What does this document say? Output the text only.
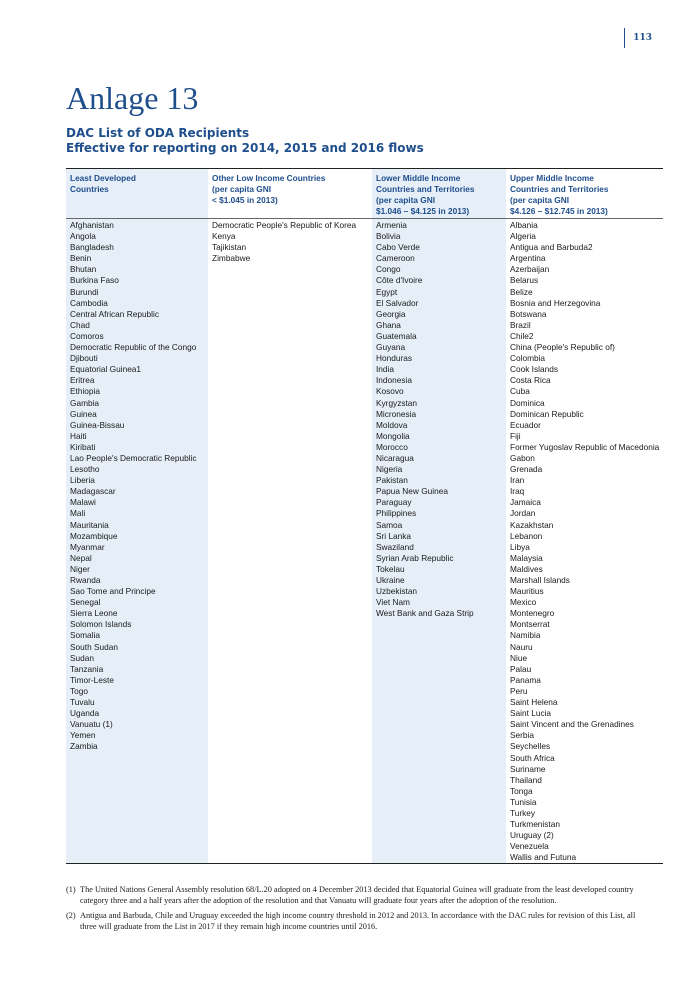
113
Anlage 13
DAC List of ODA Recipients
Effective for reporting on 2014, 2015 and 2016 flows
Least Developed
Countries
Afghanistan
Angola
Bangladesh
Benin
Bhutan
Burkina Faso
Burundi
Cambodia
Central African Republic
Chad
Comoros
Democratic Republic of the Congo
Djibouti
Equatorial Guinea1
Eritrea
Ethiopia
Gambia
Guinea
Guinea-Bissau
Haiti
Kiribati
Lao People's Democratic Republic
Lesotho
Liberia
Madagascar
Malawi
Mali
Mauritania
Mozambique
Myanmar
Nepal
Niger
Rwanda
Sao Tome and Principe
Senegal
Sierra Leone
Solomon Islands
Somalia
South Sudan
Sudan
Tanzania
Timor-Leste
Togo
Tuvalu
Uganda
Vanuatu (1)
Yemen
Zambia
Other Low Income Countries
(per capita GNI
< $1.045 in 2013)
Democratic People's Republic of Korea
Kenya
Tajikistan
Zimbabwe
Lower Middle Income
Countries and Territories
(per capita GNI
$1.046 – $4.125 in 2013)
Armenia
Bolivia
Cabo Verde
Cameroon
Congo
Côte d'Ivoire
Egypt
El Salvador
Georgia
Ghana
Guatemala
Guyana
Honduras
India
Indonesia
Kosovo
Kyrgyzstan
Micronesia
Moldova
Mongolia
Morocco
Nicaragua
Nigeria
Pakistan
Papua New Guinea
Paraguay
Philippines
Samoa
Sri Lanka
Swaziland
Syrian Arab Republic
Tokelau
Ukraine
Uzbekistan
Viet Nam
West Bank and Gaza Strip
Upper Middle Income
Countries and Territories
(per capita GNI
$4.126 – $12.745 in 2013)
Albania
Algeria
Antigua and Barbuda2
Argentina
Azerbaijan
Belarus
Belize
Bosnia and Herzegovina
Botswana
Brazil
Chile2
China (People's Republic of)
Colombia
Cook Islands
Costa Rica
Cuba
Dominica
Dominican Republic
Ecuador
Fiji
Former Yugoslav Republic of Macedonia
Gabon
Grenada
Iran
Iraq
Jamaica
Jordan
Kazakhstan
Lebanon
Libya
Malaysia
Maldives
Marshall Islands
Mauritius
Mexico
Montenegro
Montserrat
Namibia
Nauru
Niue
Palau
Panama
Peru
Saint Helena
Saint Lucia
Saint Vincent and the Grenadines
Serbia
Seychelles
South Africa
Suriname
Thailand
Tonga
Tunisia
Turkey
Turkmenistan
Uruguay (2)
Venezuela
Wallis and Futuna
(1) The United Nations General Assembly resolution 68/L.20 adopted on 4 December 2013 decided that Equatorial Guinea will graduate from the least developed country category three and a half years after the adoption of the resolution and that Vanuatu will graduate four years after the adoption of the resolution.
(2) Antigua and Barbuda, Chile and Uruguay exceeded the high income country threshold in 2012 and 2013. In accordance with the DAC rules for revision of this List, all three will graduate from the List in 2017 if they remain high income countries until 2016.
